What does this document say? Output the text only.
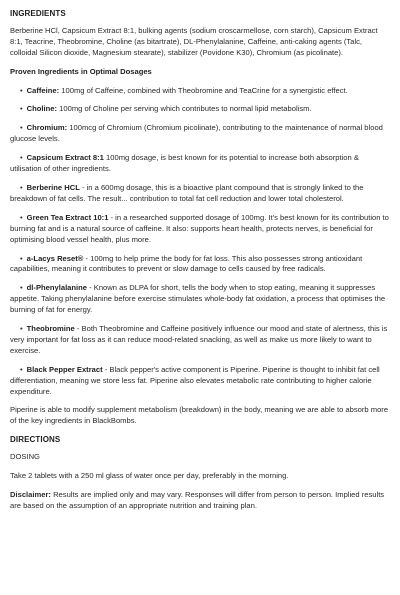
INGREDIENTS
Berberine HCl, Capsicum Extract 8:1, bulking agents (sodium croscarmellose, corn starch), Capsicum Extract 8:1, Teacrine, Theobromine, Choline (as bitartrate), DL-Phenylalanine, Caffeine, anti-caking agents (Talc, colloidal Silicon dioxide, Magnesium stearate), stabilizer (Povidone K30), Chromium (as picolinate).
Proven Ingredients in Optimal Dosages
• Caffeine: 100mg of Caffeine, combined with Theobromine and TeaCrine for a synergistic effect.
• Choline: 100mg of Choline per serving which contributes to normal lipid metabolism.
• Chromium: 100mcg of Chromium (Chromium picolinate), contributing to the maintenance of normal blood glucose levels.
• Capsicum Extract 8:1 100mg dosage, is best known for its potential to increase both absorption & utilisation of other ingredients.
• Berberine HCL - in a 600mg dosage, this is a bioactive plant compound that is strongly linked to the breakdown of fat cells. The result... contribution to total fat cell reduction and lower total cholesterol.
• Green Tea Extract 10:1 - in a researched supported dosage of 100mg. It's best known for its contribution to burning fat and is a natural source of caffeine. It also: supports heart health, protects nerves, is beneficial for optimising blood vessel health, plus more.
• a-Lacys Reset® - 100mg to help prime the body for fat loss. This also possesses strong antioxidant capabilities, meaning it contributes to prevent or slow damage to cells caused by free radicals.
• dl-Phenylalanine - Known as DLPA for short, tells the body when to stop eating, meaning it suppresses appetite. Taking phenylalanine before exercise stimulates whole-body fat oxidation, a process that optimises the burning of fat for energy.
• Theobromine - Both Theobromine and Caffeine positively influence our mood and state of alertness, this is very important for fat loss as it can reduce mood-related snacking, as well as make us more likely to want to exercise.
• Black Pepper Extract - Black pepper's active component is Piperine. Piperine is thought to inhibit fat cell differentiation, meaning we store less fat. Piperine also elevates metabolic rate contributing to higher calorie expenditure.
Piperine is able to modify supplement metabolism (breakdown) in the body, meaning we are able to absorb more of the key ingredients in BlackBombs.
DIRECTIONS
DOSING
Take 2 tablets with a 250 ml glass of water once per day, preferably in the morning.
Disclaimer: Results are implied only and may vary. Responses will differ from person to person. Implied results are based on the assumption of an appropriate nutrition and training plan.
